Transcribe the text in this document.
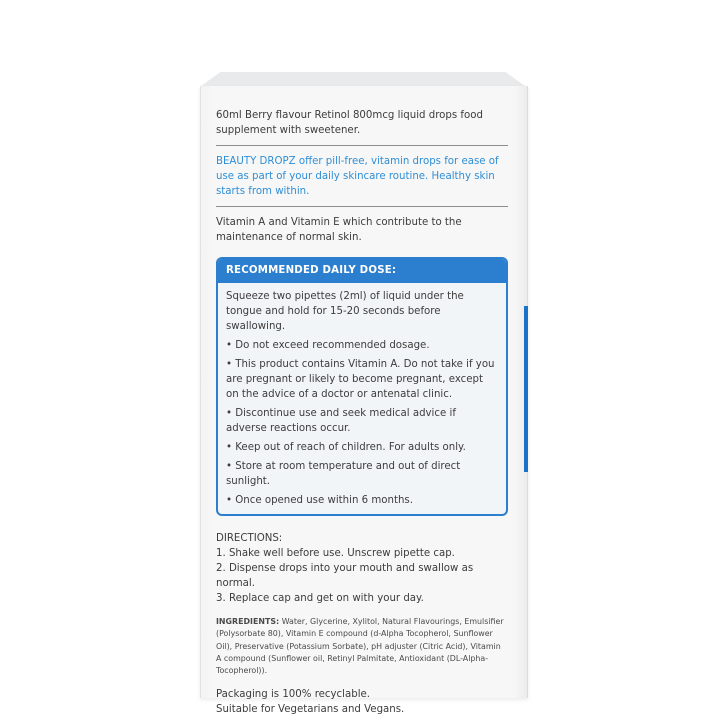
60ml Berry flavour Retinol 800mcg liquid drops food supplement with sweetener.

BEAUTY DROPZ offer pill-free, vitamin drops for ease of use as part of your daily skincare routine. Healthy skin starts from within.

Vitamin A and Vitamin E which contribute to the maintenance of normal skin.

RECOMMENDED DAILY DOSE:
Squeeze two pipettes (2ml) of liquid under the tongue and hold for 15-20 seconds before swallowing.
• Do not exceed recommended dosage.
• This product contains Vitamin A. Do not take if you are pregnant or likely to become pregnant, except on the advice of a doctor or antenatal clinic.
• Discontinue use and seek medical advice if adverse reactions occur.
• Keep out of reach of children. For adults only.
• Store at room temperature and out of direct sunlight.
• Once opened use within 6 months.
DIRECTIONS:
1. Shake well before use. Unscrew pipette cap.
2. Dispense drops into your mouth and swallow as normal.
3. Replace cap and get on with your day.
INGREDIENTS: Water, Glycerine, Xylitol, Natural Flavourings, Emulsifier (Polysorbate 80), Vitamin E compound (d-Alpha Tocopherol, Sunflower Oil), Preservative (Potassium Sorbate), pH adjuster (Citric Acid), Vitamin A compound (Sunflower oil, Retinyl Palmitate, Antioxidant (DL-Alpha-Tocopherol)).
Packaging is 100% recyclable.
Suitable for Vegetarians and Vegans.
